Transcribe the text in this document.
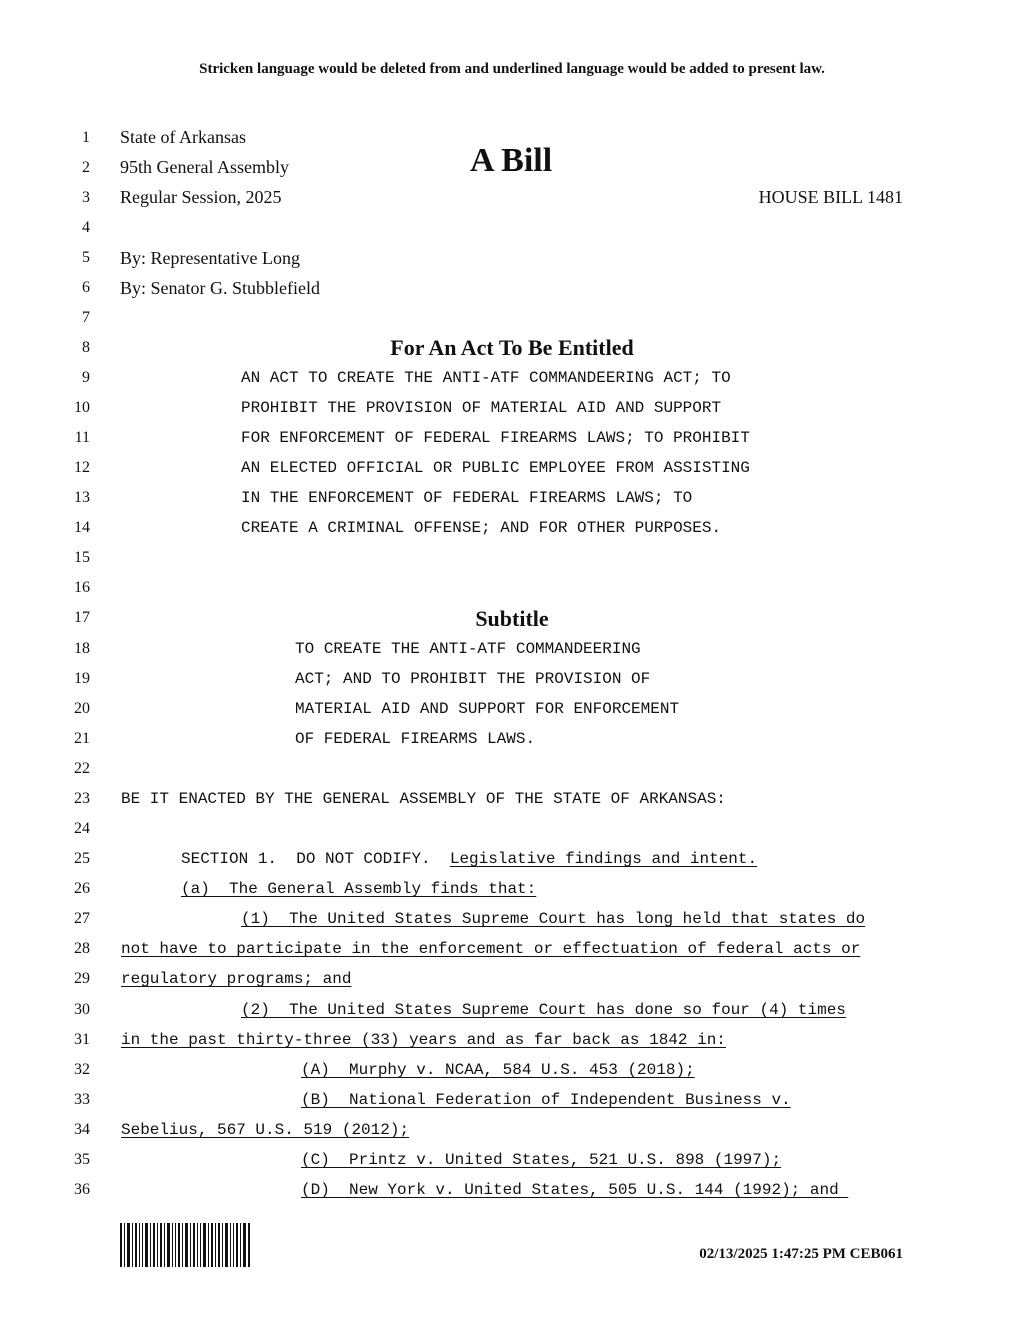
Stricken language would be deleted from and underlined language would be added to present law.
1
2
3
4
5
6
7
8
9
10
11
12
13
14
15
16
17
18
19
20
21
22
23
24
25
26
27
28
29
30
31
32
33
34
35
36
State of Arkansas
95th General Assembly
Regular Session, 2025
A Bill
HOUSE BILL 1481
By: Representative Long
By: Senator G. Stubblefield
For An Act To Be Entitled
AN ACT TO CREATE THE ANTI-ATF COMMANDEERING ACT; TO
PROHIBIT THE PROVISION OF MATERIAL AID AND SUPPORT
FOR ENFORCEMENT OF FEDERAL FIREARMS LAWS; TO PROHIBIT
AN ELECTED OFFICIAL OR PUBLIC EMPLOYEE FROM ASSISTING
IN THE ENFORCEMENT OF FEDERAL FIREARMS LAWS; TO
CREATE A CRIMINAL OFFENSE; AND FOR OTHER PURPOSES.
Subtitle
TO CREATE THE ANTI-ATF COMMANDEERING
ACT; AND TO PROHIBIT THE PROVISION OF
MATERIAL AID AND SUPPORT FOR ENFORCEMENT
OF FEDERAL FIREARMS LAWS.
BE IT ENACTED BY THE GENERAL ASSEMBLY OF THE STATE OF ARKANSAS:
SECTION 1.  DO NOT CODIFY.  Legislative findings and intent.
(a)  The General Assembly finds that:
(1)  The United States Supreme Court has long held that states do
not have to participate in the enforcement or effectuation of federal acts or
regulatory programs; and
(2)  The United States Supreme Court has done so four (4) times
in the past thirty-three (33) years and as far back as 1842 in:
(A)  Murphy v. NCAA, 584 U.S. 453 (2018);
(B)  National Federation of Independent Business v.
Sebelius, 567 U.S. 519 (2012);
(C)  Printz v. United States, 521 U.S. 898 (1997);
(D)  New York v. United States, 505 U.S. 144 (1992); and
02/13/2025 1:47:25 PM CEB061
